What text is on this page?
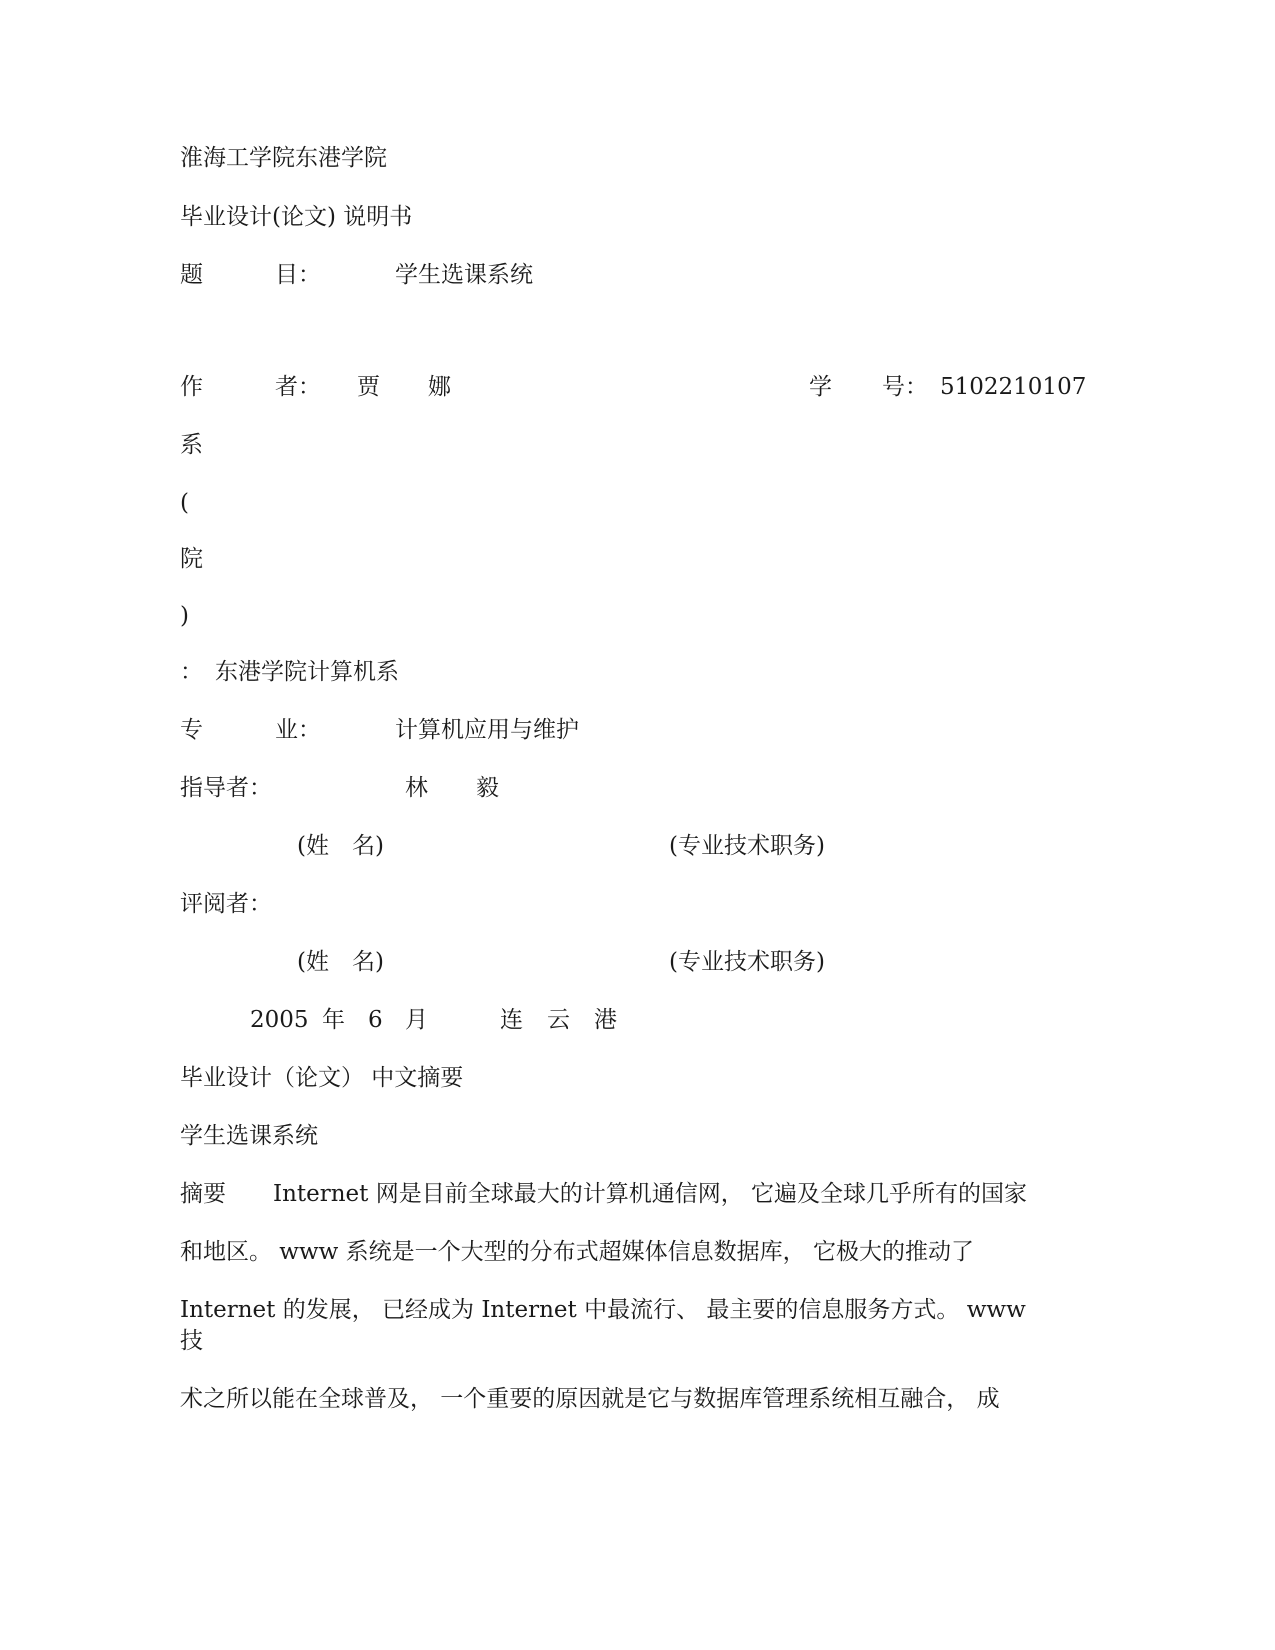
淮海工学院东港学院
毕业设计(论文) 说明书
题	目：	学生选课系统
作	者： 贾 娜	学 号： 5102210107
系
(
院
)
： 东港学院计算机系
专	业：	计算机应用与维护
指导者：	林 毅
(姓　名)	(专业技术职务)
评阅者：
(姓　名)	(专业技术职务)
2005 年 6 月	连 云 港
毕业设计（论文） 中文摘要
学生选课系统
摘要 Internet 网是目前全球最大的计算机通信网， 它遍及全球几乎所有的国家
和地区。 www 系统是一个大型的分布式超媒体信息数据库， 它极大的推动了
Internet 的发展， 已经成为 Internet 中最流行、 最主要的信息服务方式。 www
技
术之所以能在全球普及， 一个重要的原因就是它与数据库管理系统相互融合， 成
